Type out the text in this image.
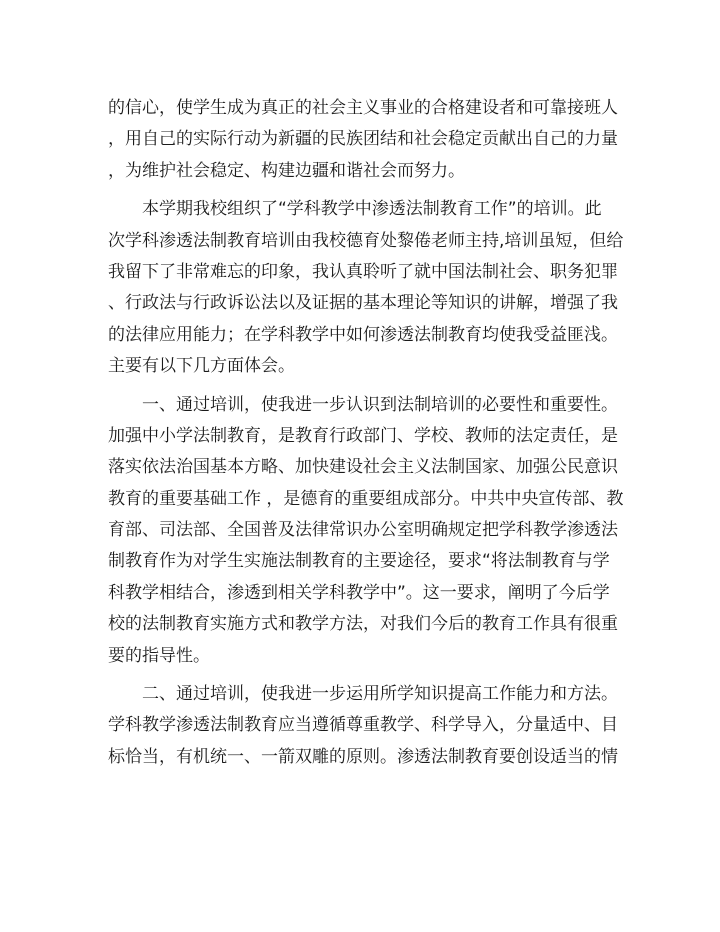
的信心，使学生成为真正的社会主义事业的合格建设者和可靠接班人
，用自己的实际行动为新疆的民族团结和社会稳定贡献出自己的力量
，为维护社会稳定、构建边疆和谐社会而努力。
　　本学期我校组织了“学科教学中渗透法制教育工作”的培训。此
次学科渗透法制教育培训由我校德育处黎倦老师主持,培训虽短，但给
我留下了非常难忘的印象，我认真聆听了就中国法制社会、职务犯罪
、行政法与行政诉讼法以及证据的基本理论等知识的讲解，增强了我
的法律应用能力；在学科教学中如何渗透法制教育均使我受益匪浅。
主要有以下几方面体会。
　　一、通过培训，使我进一步认识到法制培训的必要性和重要性。
加强中小学法制教育，是教育行政部门、学校、教师的法定责任，是
落实依法治国基本方略、加快建设社会主义法制国家、加强公民意识
教育的重要基础工作 ，是德育的重要组成部分。中共中央宣传部、教
育部、司法部、全国普及法律常识办公室明确规定把学科教学渗透法
制教育作为对学生实施法制教育的主要途径，要求“将法制教育与学
科教学相结合，渗透到相关学科教学中”。这一要求，阐明了今后学
校的法制教育实施方式和教学方法，对我们今后的教育工作具有很重
要的指导性。
　　二、通过培训，使我进一步运用所学知识提高工作能力和方法。
学科教学渗透法制教育应当遵循尊重教学、科学导入，分量适中、目
标恰当，有机统一、一箭双雕的原则。渗透法制教育要创设适当的情
